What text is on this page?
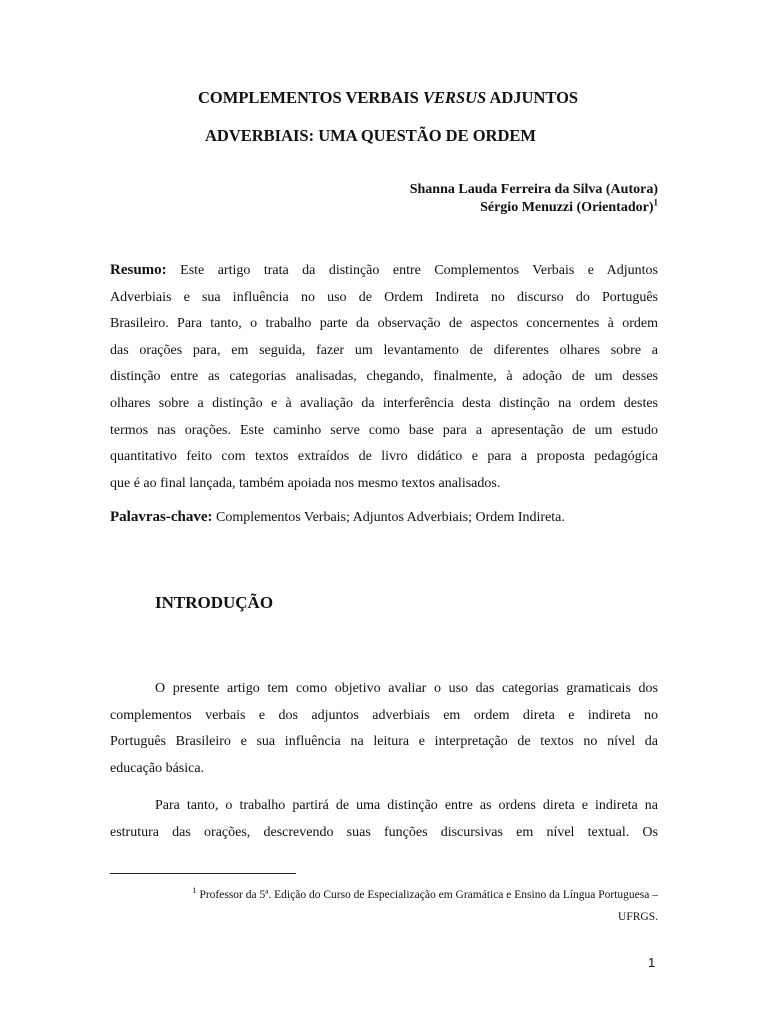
COMPLEMENTOS VERBAIS VERSUS ADJUNTOS
ADVERBIAIS: UMA QUESTÃO DE ORDEM
Shanna Lauda Ferreira da Silva (Autora)
Sérgio Menuzzi (Orientador)$^1$
Resumo: Este artigo trata da distinção entre Complementos Verbais e Adjuntos
Adverbiais e sua influência no uso de Ordem Indireta no discurso do Português
Brasileiro. Para tanto, o trabalho parte da observação de aspectos concernentes à ordem
das orações para, em seguida, fazer um levantamento de diferentes olhares sobre a
distinção entre as categorias analisadas, chegando, finalmente, à adoção de um desses
olhares sobre a distinção e à avaliação da interferência desta distinção na ordem destes
termos nas orações. Este caminho serve como base para a apresentação de um estudo
quantitativo feito com textos extraídos de livro didático e para a proposta pedagógica
que é ao final lançada, também apoiada nos mesmo textos analisados.
Palavras-chave: Complementos Verbais; Adjuntos Adverbiais; Ordem Indireta.
INTRODUÇÃO
O presente artigo tem como objetivo avaliar o uso das categorias gramaticais dos
complementos verbais e dos adjuntos adverbiais em ordem direta e indireta no
Português Brasileiro e sua influência na leitura e interpretação de textos no nível da
educação básica.
Para tanto, o trabalho partirá de uma distinção entre as ordens direta e indireta na
estrutura das orações, descrevendo suas funções discursivas em nível textual. Os
$^1$ Professor da 5ª. Edição do Curso de Especialização em Gramática e Ensino da Língua Portuguesa –
UFRGS.
1
